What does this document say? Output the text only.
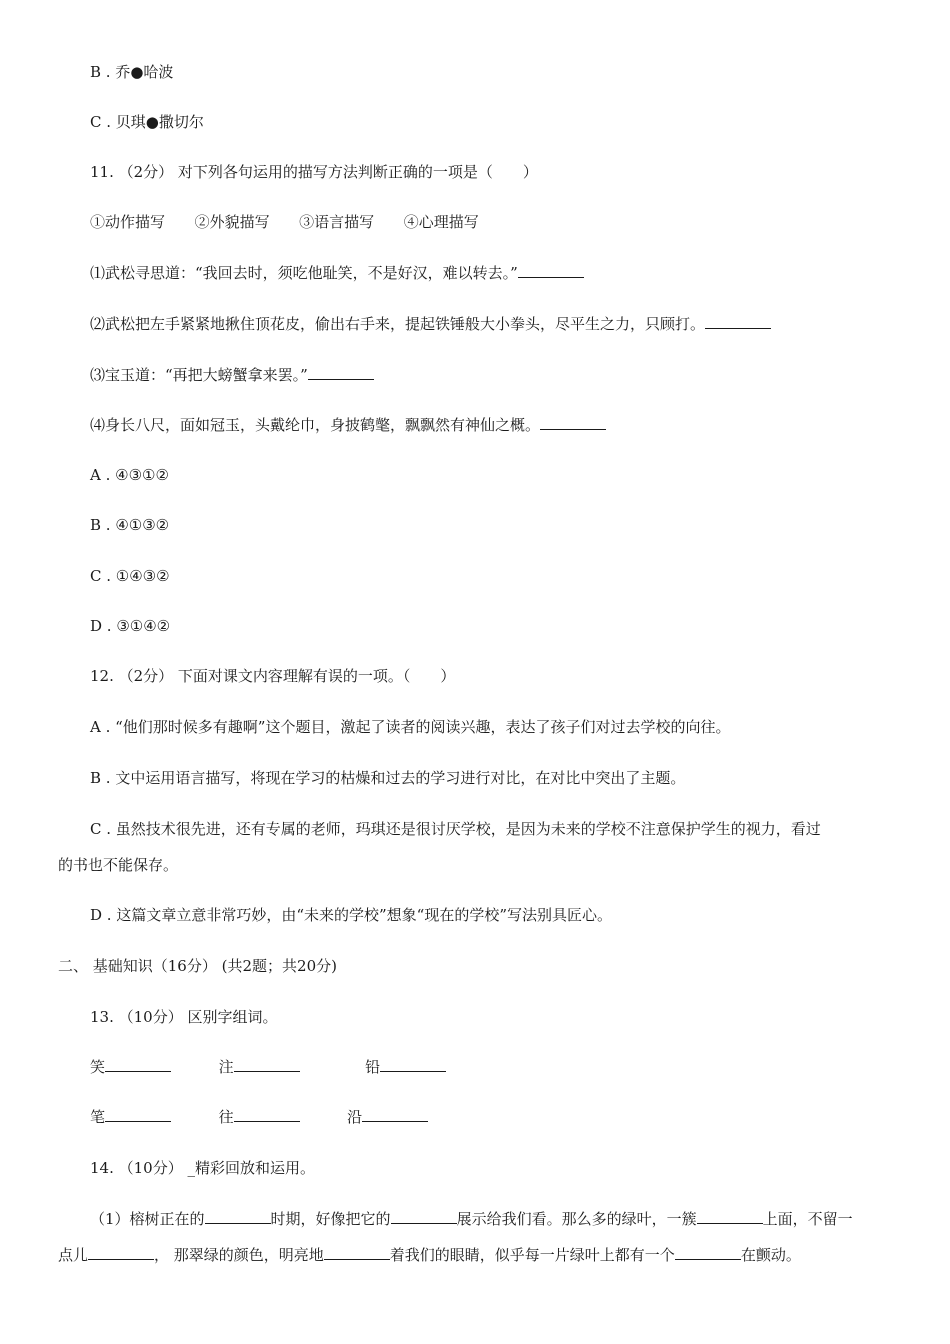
B . 乔●哈波
C . 贝琪●撒切尔
11. （2分） 对下列各句运用的描写方法判断正确的一项是（　　）
①动作描写 ②外貌描写 ③语言描写 ④心理描写
⑴武松寻思道：“我回去时，须吃他耻笑，不是好汉，难以转去。”
⑵武松把左手紧紧地揪住顶花皮，偷出右手来，提起铁锤般大小拳头，尽平生之力，只顾打。
⑶宝玉道：“再把大螃蟹拿来罢。”
⑷身长八尺，面如冠玉，头戴纶巾，身披鹤氅，飘飘然有神仙之概。
A . ④③①②
B . ④①③②
C . ①④③②
D . ③①④②
12. （2分） 下面对课文内容理解有误的一项。（　　）
A . “他们那时候多有趣啊”这个题目，激起了读者的阅读兴趣，表达了孩子们对过去学校的向往。
B . 文中运用语言描写，将现在学习的枯燥和过去的学习进行对比，在对比中突出了主题。
C . 虽然技术很先进，还有专属的老师，玛琪还是很讨厌学校，是因为未来的学校不注意保护学生的视力，看过
的书也不能保存。
D . 这篇文章立意非常巧妙，由“未来的学校”想象“现在的学校”写法别具匠心。
二、 基础知识（16分） (共2题；共20分)
13. （10分） 区别字组词。
笑	注	铅
笔	往	沿
14. （10分） _精彩回放和运用。
（1）榕树正在的	时期，好像把它的	展示给我们看。那么多的绿叶，一簇	上面，不留一
点儿	， 那翠绿的颜色，明亮地	着我们的眼睛，似乎每一片绿叶上都有一个	在颤动。
